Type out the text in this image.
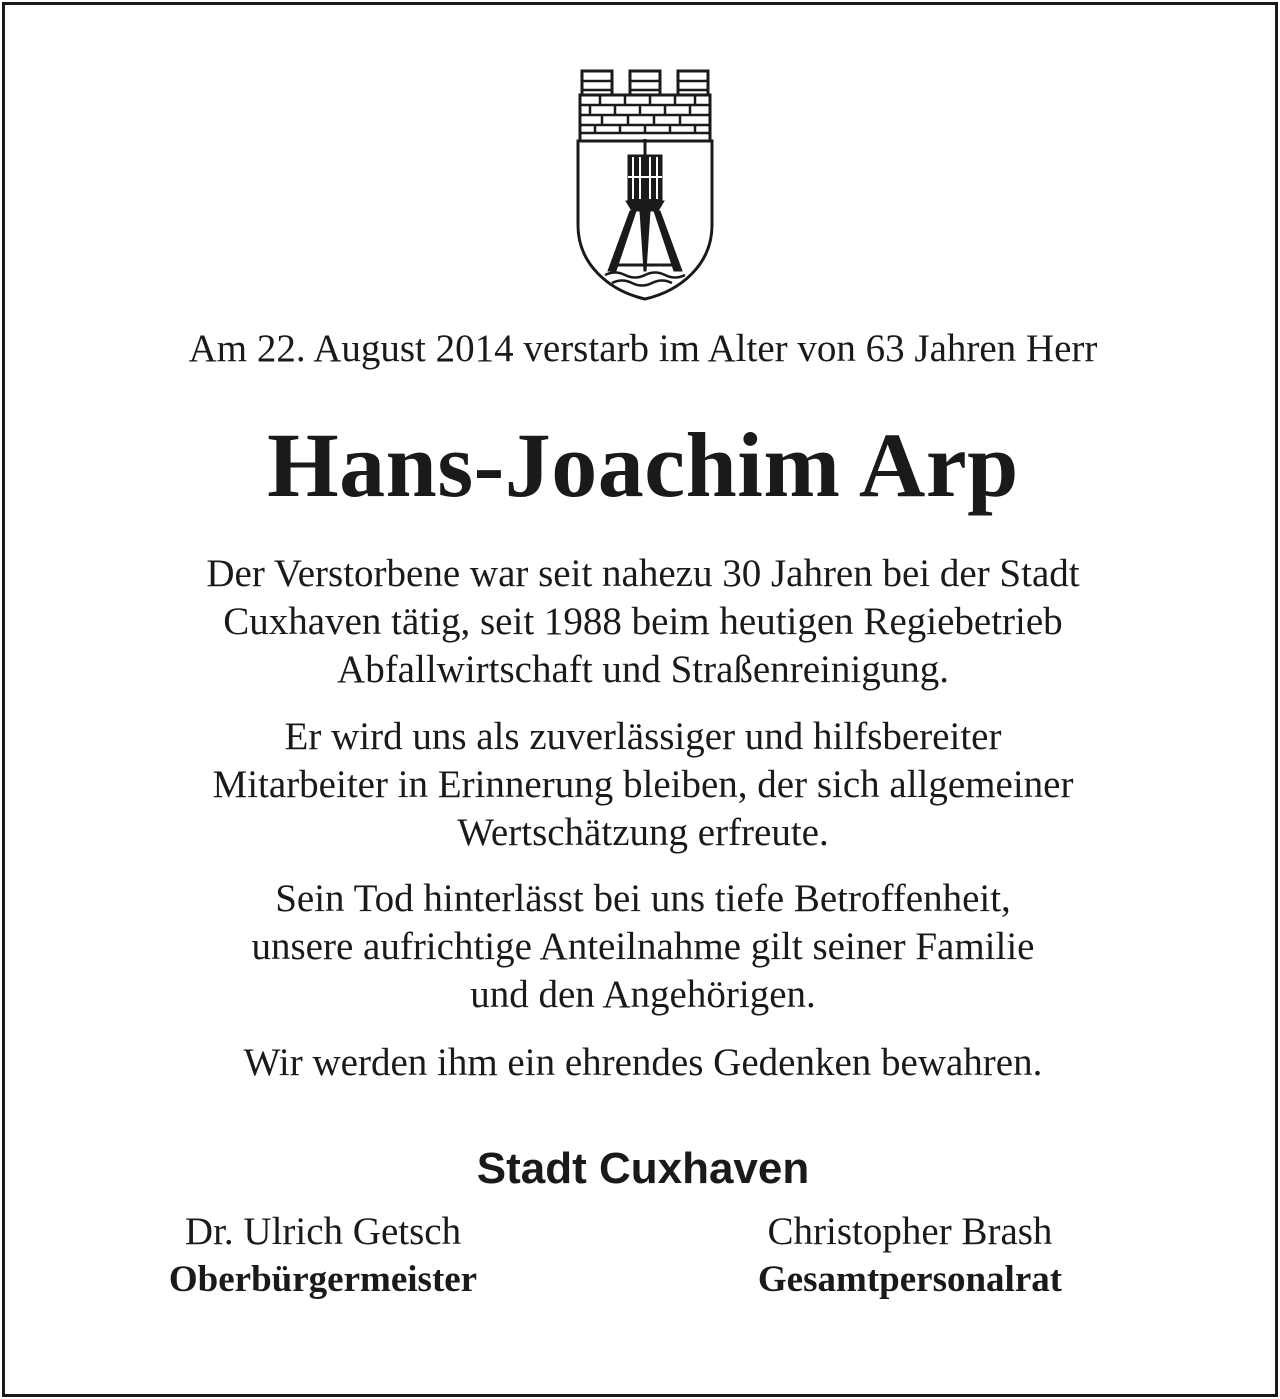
Am 22. August 2014 verstarb im Alter von 63 Jahren Herr
Hans-Joachim Arp
Der Verstorbene war seit nahezu 30 Jahren bei der Stadt
Cuxhaven tätig, seit 1988 beim heutigen Regiebetrieb
Abfallwirtschaft und Straßenreinigung.
Er wird uns als zuverlässiger und hilfsbereiter
Mitarbeiter in Erinnerung bleiben, der sich allgemeiner
Wertschätzung erfreute.
Sein Tod hinterlässt bei uns tiefe Betroffenheit,
unsere aufrichtige Anteilnahme gilt seiner Familie
und den Angehörigen.
Wir werden ihm ein ehrendes Gedenken bewahren.
Stadt Cuxhaven
Dr. Ulrich Getsch
Oberbürgermeister
Christopher Brash
Gesamtpersonalrat
